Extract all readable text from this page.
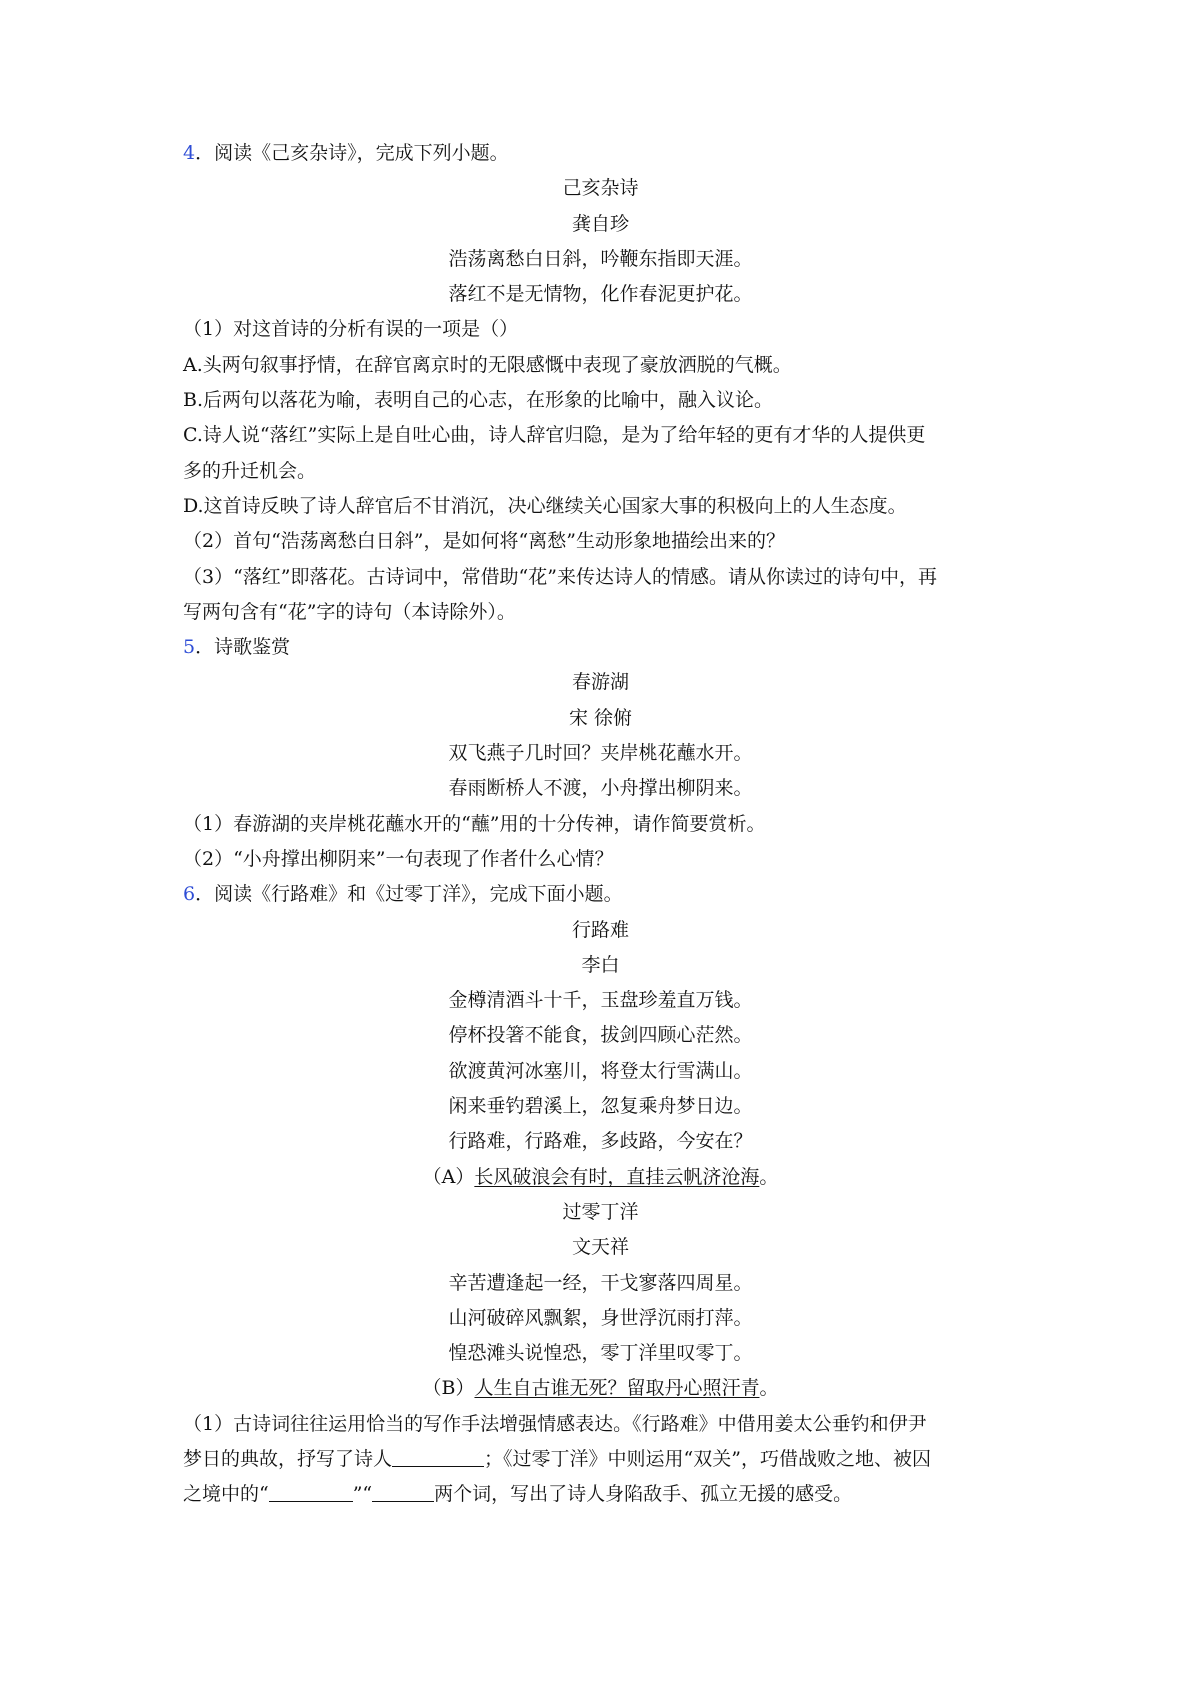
4．阅读《己亥杂诗》，完成下列小题。
己亥杂诗
龚自珍
浩荡离愁白日斜，吟鞭东指即天涯。
落红不是无情物，化作春泥更护花。
（1）对这首诗的分析有误的一项是（）
A.头两句叙事抒情，在辞官离京时的无限感慨中表现了豪放洒脱的气概。
B.后两句以落花为喻，表明自己的心志，在形象的比喻中，融入议论。
C.诗人说“落红”实际上是自吐心曲，诗人辞官归隐，是为了给年轻的更有才华的人提供更
多的升迁机会。
D.这首诗反映了诗人辞官后不甘消沉，决心继续关心国家大事的积极向上的人生态度。
（2）首句“浩荡离愁白日斜”，是如何将“离愁”生动形象地描绘出来的？
（3）“落红”即落花。古诗词中，常借助“花”来传达诗人的情感。请从你读过的诗句中，再
写两句含有“花”字的诗句（本诗除外）。
5．诗歌鉴赏
春游湖
宋 徐俯
双飞燕子几时回？夹岸桃花蘸水开。
春雨断桥人不渡，小舟撑出柳阴来。
（1）春游湖的夹岸桃花蘸水开的“蘸”用的十分传神，请作简要赏析。
（2）“小舟撑出柳阴来”一句表现了作者什么心情？
6．阅读《行路难》和《过零丁洋》，完成下面小题。
行路难
李白
金樽清酒斗十千，玉盘珍羞直万钱。
停杯投箸不能食，拔剑四顾心茫然。
欲渡黄河冰塞川，将登太行雪满山。
闲来垂钓碧溪上，忽复乘舟梦日边。
行路难，行路难，多歧路，今安在？
（A）长风破浪会有时，直挂云帆济沧海。
过零丁洋
文天祥
辛苦遭逢起一经，干戈寥落四周星。
山河破碎风飘絮，身世浮沉雨打萍。
惶恐滩头说惶恐，零丁洋里叹零丁。
（B）人生自古谁无死？留取丹心照汗青。
（1）古诗词往往运用恰当的写作手法增强情感表达。《行路难》中借用姜太公垂钓和伊尹
梦日的典故，抒写了诗人	；《过零丁洋》中则运用“双关”，巧借战败之地、被囚
之境中的“	”“	两个词，写出了诗人身陷敌手、孤立无援的感受。
